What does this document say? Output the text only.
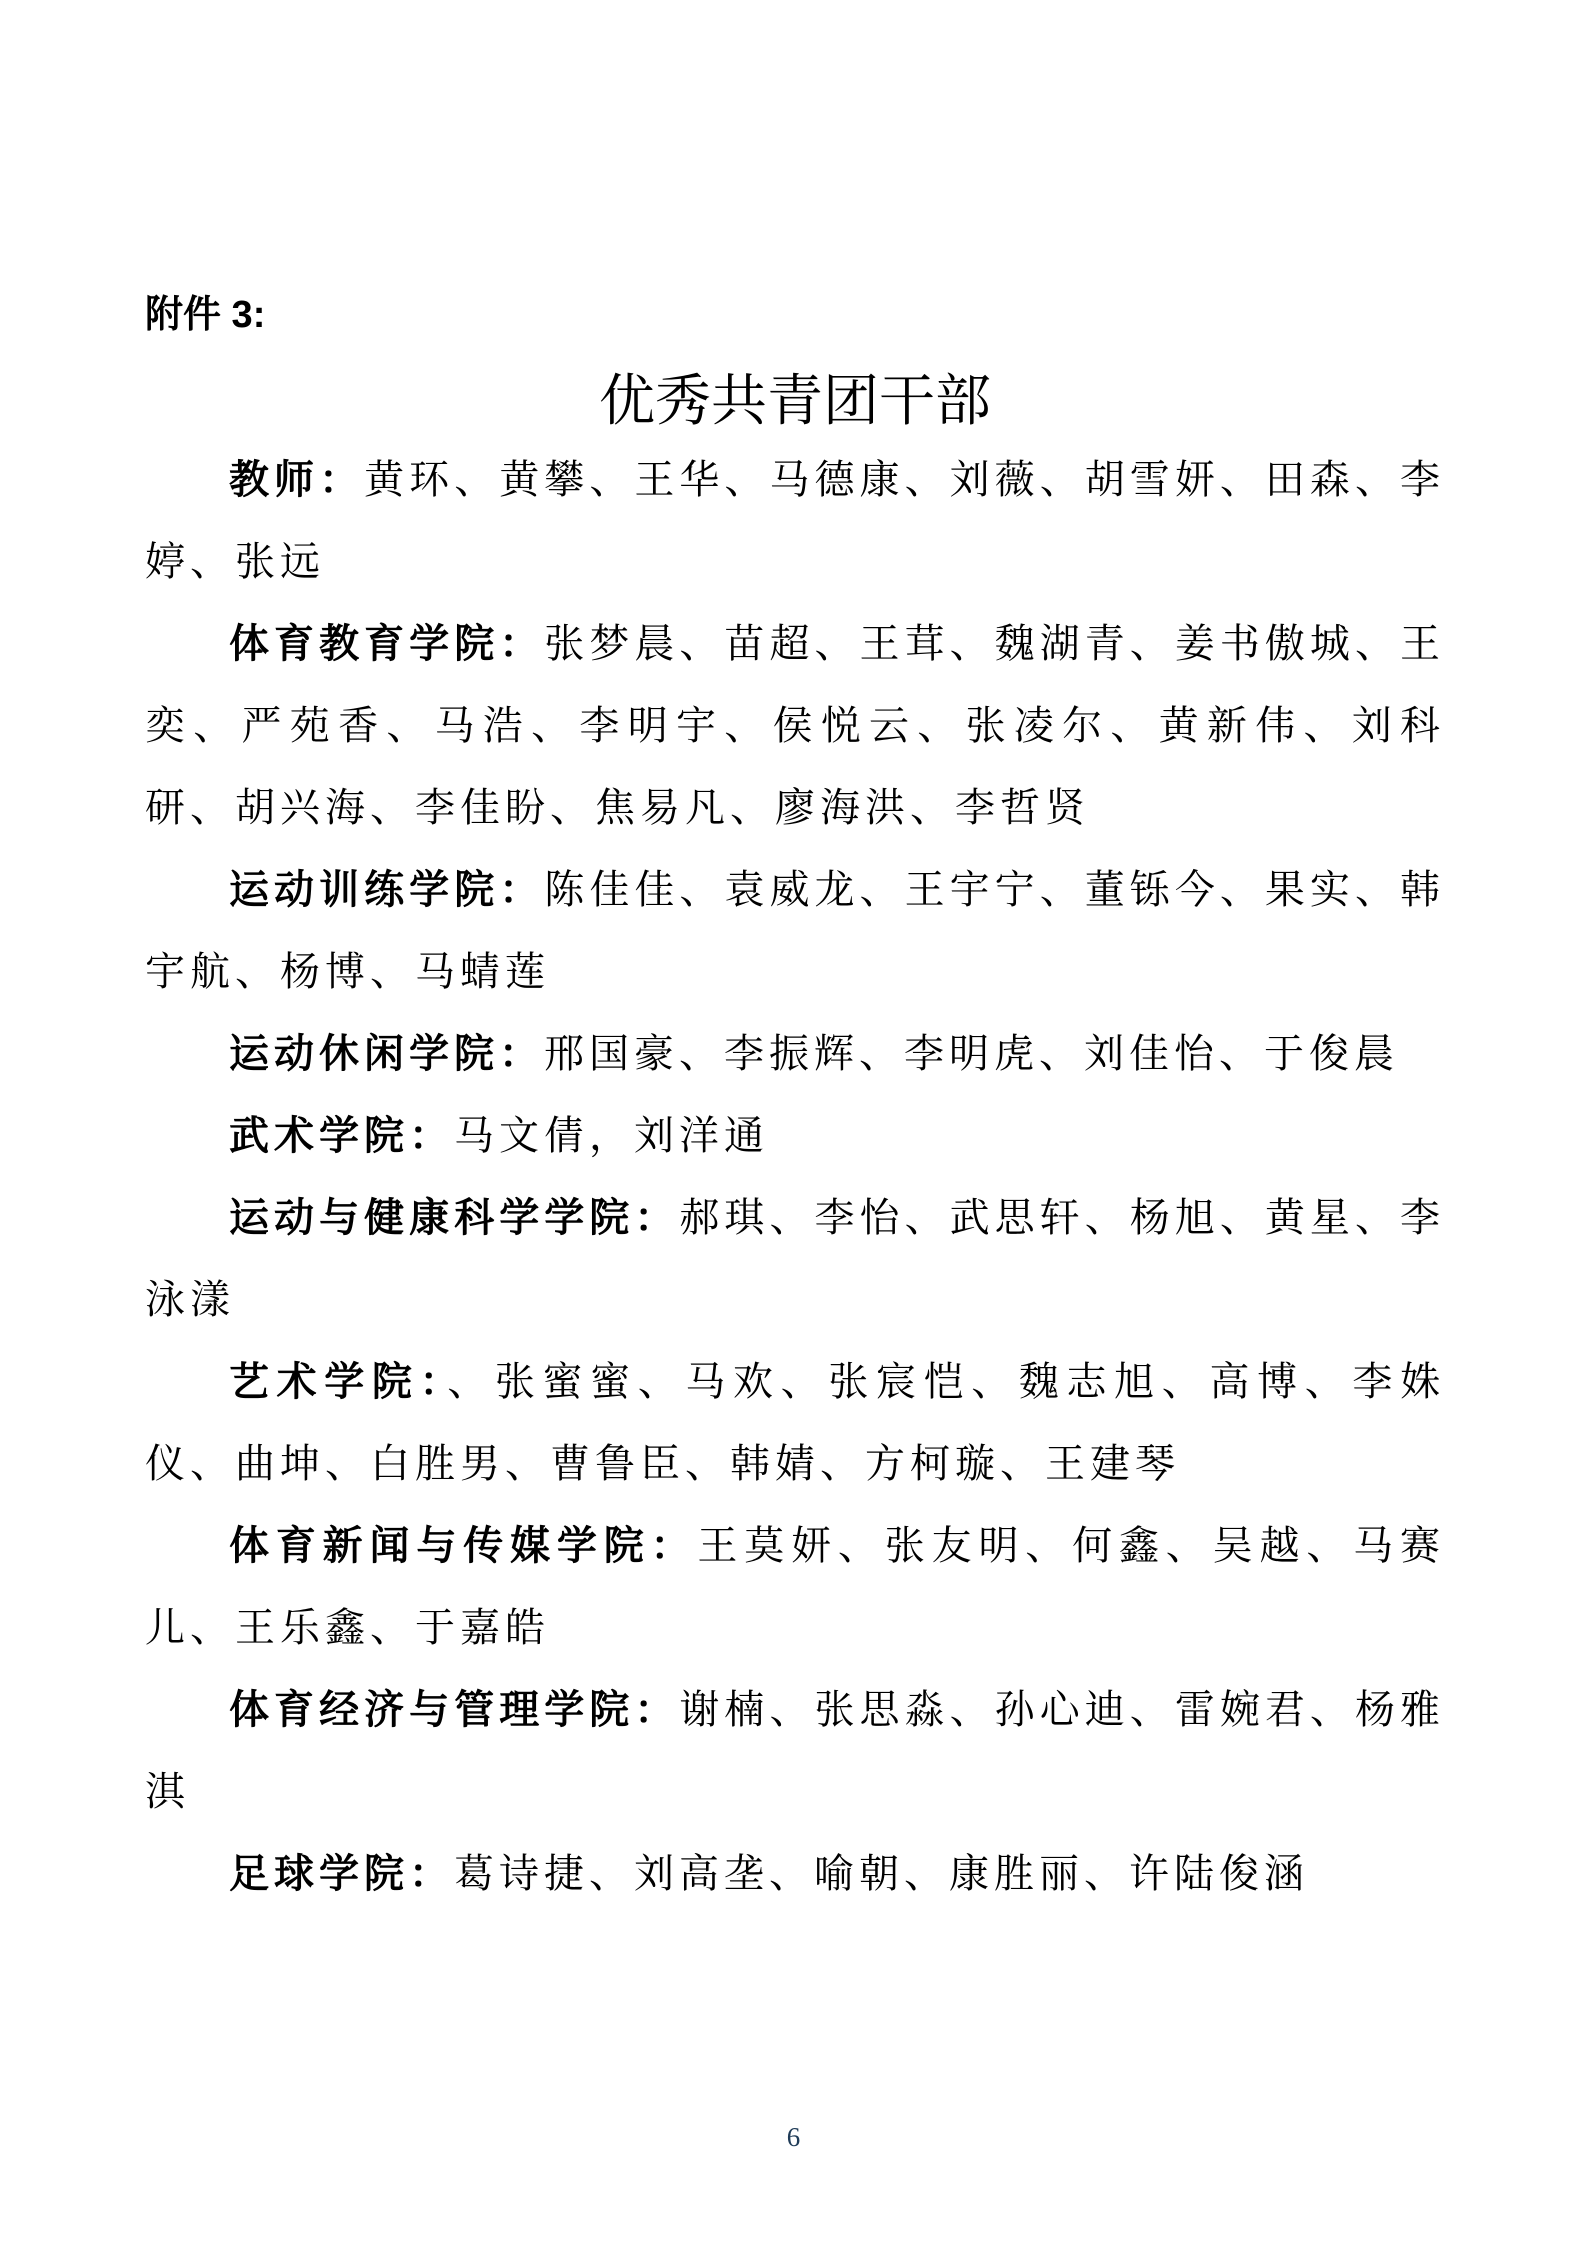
附件 3:
优秀共青团干部

教师：黄环、黄攀、王华、马德康、刘薇、胡雪妍、田森、李婷、张远

体育教育学院：张梦晨、苗超、王茸、魏湖青、姜书傲城、王奕、严苑香、马浩、李明宇、侯悦云、张凌尔、黄新伟、刘科研、胡兴海、李佳盼、焦易凡、廖海洪、李哲贤

运动训练学院：陈佳佳、袁威龙、王宇宁、董铄今、果实、韩宇航、杨博、马蜻莲

运动休闲学院：邢国豪、李振辉、李明虎、刘佳怡、于俊晨

武术学院：马文倩，刘洋通

运动与健康科学学院：郝琪、李怡、武思轩、杨旭、黄星、李泳漾

艺术学院：、张蜜蜜、马欢、张宸恺、魏志旭、高博、李姝仪、曲坤、白胜男、曹鲁臣、韩婧、方柯璇、王建琴

体育新闻与传媒学院：王莫妍、张友明、何鑫、吴越、马赛儿、王乐鑫、于嘉皓

体育经济与管理学院：谢楠、张思淼、孙心迪、雷婉君、杨雅淇

足球学院：葛诗捷、刘高垄、喻朝、康胜丽、许陆俊涵

6
